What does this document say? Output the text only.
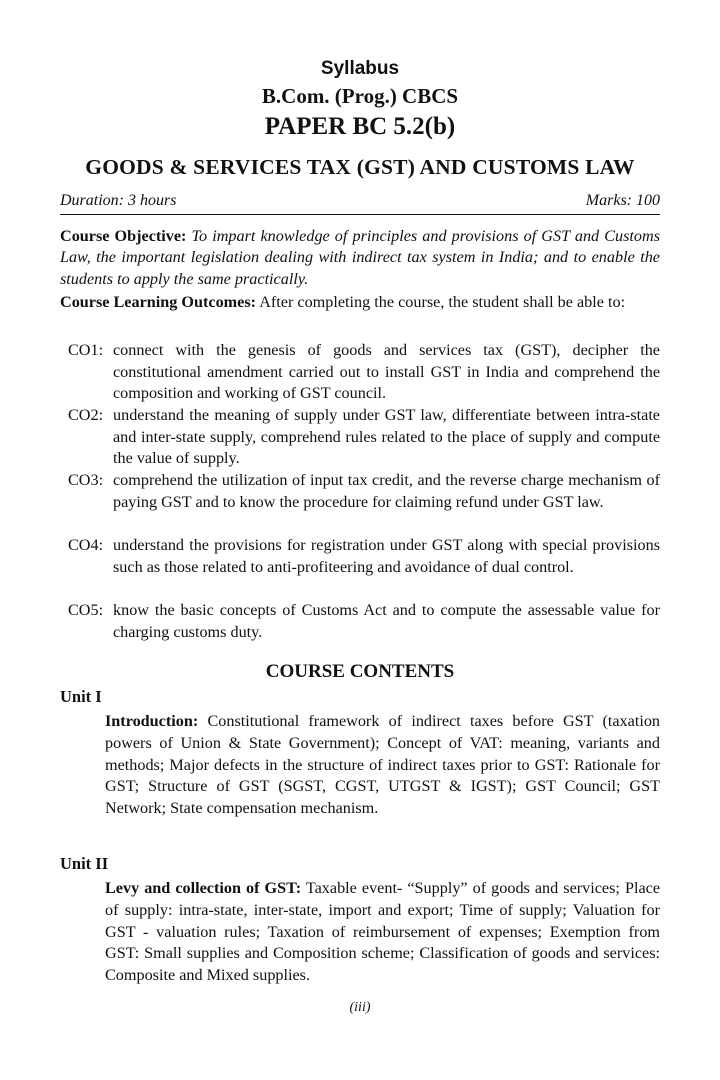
Syllabus
B.Com. (Prog.) CBCS
PAPER BC 5.2(b)
GOODS & SERVICES TAX (GST) AND CUSTOMS LAW
Duration: 3 hours	Marks: 100
Course Objective: To impart knowledge of principles and provisions of GST and Customs Law, the important legislation dealing with indirect tax system in India; and to enable the students to apply the same practically.
Course Learning Outcomes: After completing the course, the student shall be able to:
CO1: connect with the genesis of goods and services tax (GST), decipher the constitutional amendment carried out to install GST in India and comprehend the composition and working of GST council.
CO2: understand the meaning of supply under GST law, differentiate between intra-state and inter-state supply, comprehend rules related to the place of supply and compute the value of supply.
CO3: comprehend the utilization of input tax credit, and the reverse charge mechanism of paying GST and to know the procedure for claiming refund under GST law.
CO4: understand the provisions for registration under GST along with special provisions such as those related to anti-profiteering and avoidance of dual control.
CO5: know the basic concepts of Customs Act and to compute the assessable value for charging customs duty.
COURSE CONTENTS
Unit I
Introduction: Constitutional framework of indirect taxes before GST (taxation powers of Union & State Government); Concept of VAT: meaning, variants and methods; Major defects in the structure of indirect taxes prior to GST: Rationale for GST; Structure of GST (SGST, CGST, UTGST & IGST); GST Council; GST Network; State compensation mechanism.
Unit II
Levy and collection of GST: Taxable event- “Supply” of goods and services; Place of supply: intra-state, inter-state, import and export; Time of supply; Valuation for GST - valuation rules; Taxation of reimbursement of expenses; Exemption from GST: Small supplies and Composition scheme; Classification of goods and services: Composite and Mixed supplies.
(iii)
